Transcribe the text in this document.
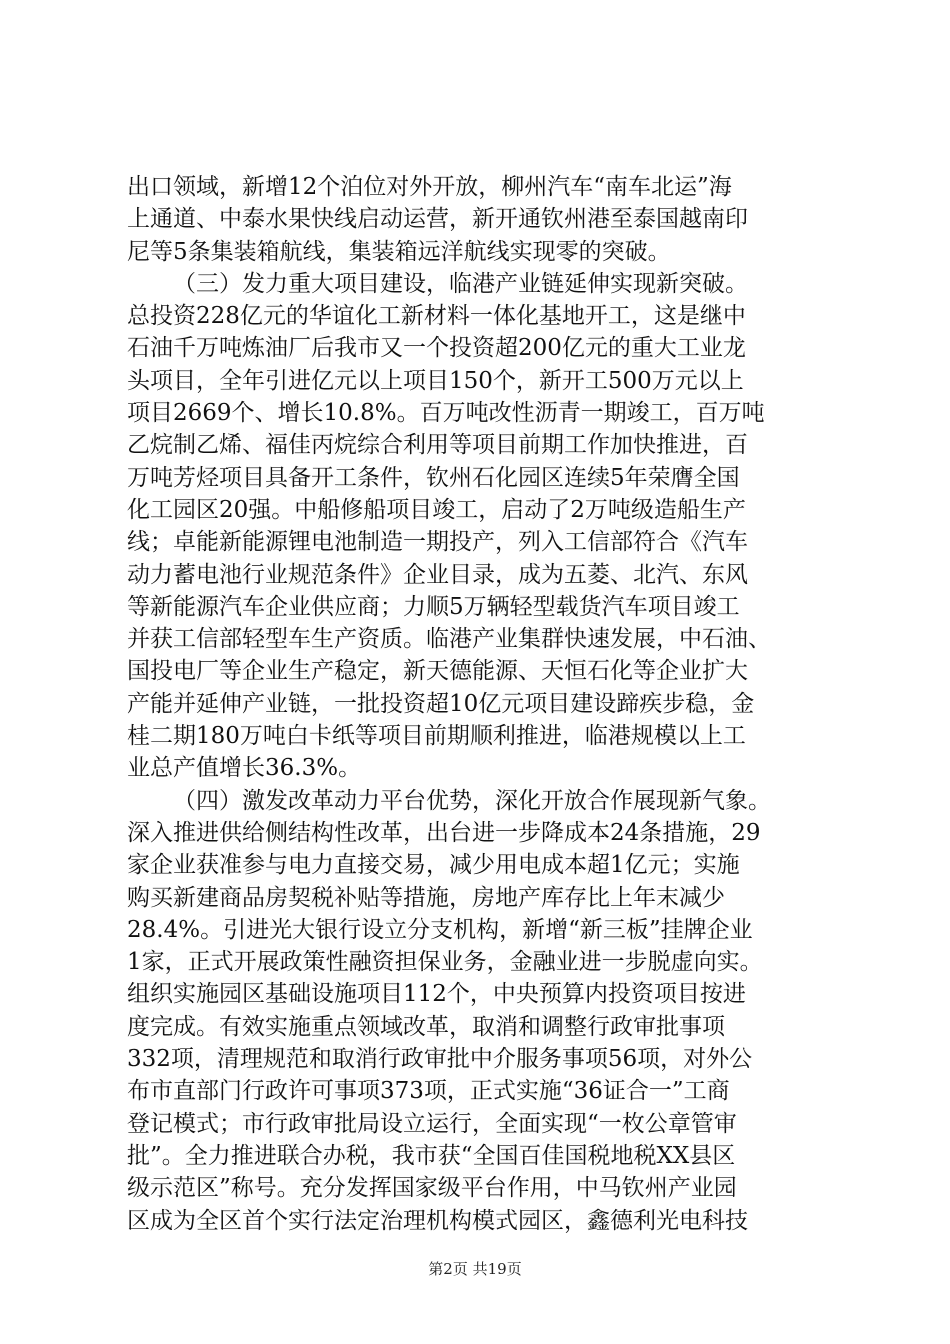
出口领域，新增12个泊位对外开放，柳州汽车“南车北运”海
上通道、中泰水果快线启动运营，新开通钦州港至泰国越南印
尼等5条集装箱航线，集装箱远洋航线实现零的突破。
（三）发力重大项目建设，临港产业链延伸实现新突破。
总投资228亿元的华谊化工新材料一体化基地开工，这是继中
石油千万吨炼油厂后我市又一个投资超200亿元的重大工业龙
头项目，全年引进亿元以上项目150个，新开工500万元以上
项目2669个、增长10.8%。百万吨改性沥青一期竣工，百万吨
乙烷制乙烯、福佳丙烷综合利用等项目前期工作加快推进，百
万吨芳烃项目具备开工条件，钦州石化园区连续5年荣膺全国
化工园区20强。中船修船项目竣工，启动了2万吨级造船生产
线；卓能新能源锂电池制造一期投产，列入工信部符合《汽车
动力蓄电池行业规范条件》企业目录，成为五菱、北汽、东风
等新能源汽车企业供应商；力顺5万辆轻型载货汽车项目竣工
并获工信部轻型车生产资质。临港产业集群快速发展，中石油、
国投电厂等企业生产稳定，新天德能源、天恒石化等企业扩大
产能并延伸产业链，一批投资超10亿元项目建设蹄疾步稳，金
桂二期180万吨白卡纸等项目前期顺利推进，临港规模以上工
业总产值增长36.3%。
（四）激发改革动力平台优势，深化开放合作展现新气象。
深入推进供给侧结构性改革，出台进一步降成本24条措施，29
家企业获准参与电力直接交易，减少用电成本超1亿元；实施
购买新建商品房契税补贴等措施，房地产库存比上年末减少
28.4%。引进光大银行设立分支机构，新增“新三板”挂牌企业
1家，正式开展政策性融资担保业务，金融业进一步脱虚向实。
组织实施园区基础设施项目112个，中央预算内投资项目按进
度完成。有效实施重点领域改革，取消和调整行政审批事项
332项，清理规范和取消行政审批中介服务事项56项，对外公
布市直部门行政许可事项373项，正式实施“36证合一”工商
登记模式；市行政审批局设立运行，全面实现“一枚公章管审
批”。全力推进联合办税，我市获“全国百佳国税地税XX县区
级示范区”称号。充分发挥国家级平台作用，中马钦州产业园
区成为全区首个实行法定治理机构模式园区，鑫德利光电科技
第2页 共19页
